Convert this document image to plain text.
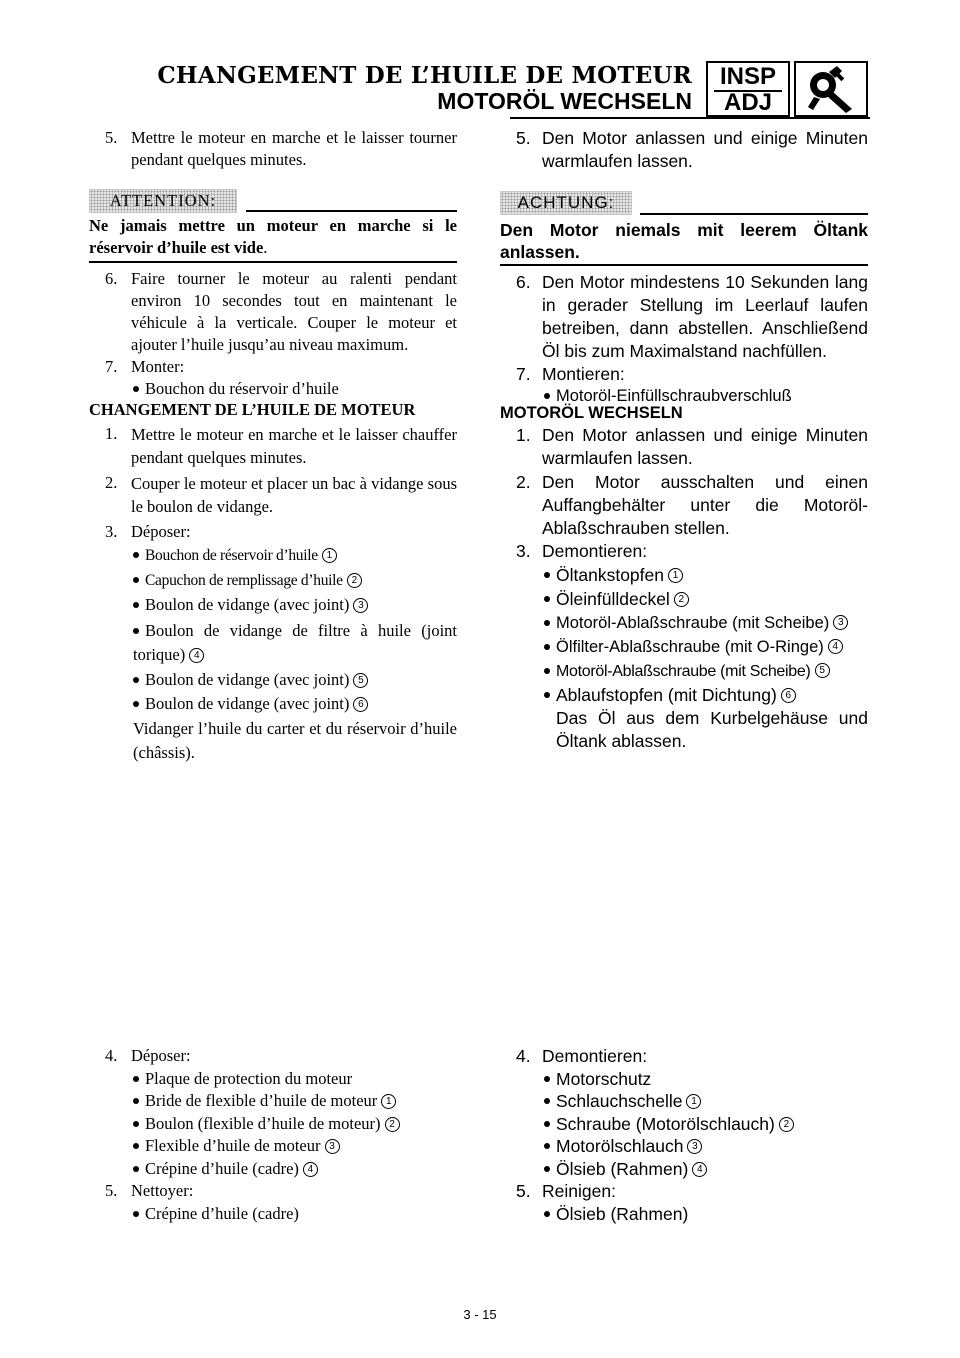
CHANGEMENT DE L’HUILE DE MOTEUR
MOTORÖL WECHSELN
INSP
ADJ
5. Mettre le moteur en marche et le laisser tourner pendant quelques minutes.
ATTENTION:
Ne jamais mettre un moteur en marche si le réservoir d’huile est vide.
6. Faire tourner le moteur au ralenti pendant environ 10 secondes tout en maintenant le véhicule à la verticale. Couper le moteur et ajouter l’huile jusqu’au niveau maximum.
7. Monter:
Bouchon du réservoir d’huile
CHANGEMENT DE L’HUILE DE MOTEUR
1. Mettre le moteur en marche et le laisser chauffer pendant quelques minutes.
2. Couper le moteur et placer un bac à vidange sous le boulon de vidange.
3. Déposer:
Bouchon de réservoir d’huile 1
Capuchon de remplissage d’huile 2
Boulon de vidange (avec joint) 3
Boulon de vidange de filtre à huile (joint torique) 4
Boulon de vidange (avec joint) 5
Boulon de vidange (avec joint) 6
Vidanger l’huile du carter et du réservoir d’huile (châssis).
4. Déposer:
Plaque de protection du moteur
Bride de flexible d’huile de moteur 1
Boulon (flexible d’huile de moteur) 2
Flexible d’huile de moteur 3
Crépine d’huile (cadre) 4
5. Nettoyer:
Crépine d’huile (cadre)
5. Den Motor anlassen und einige Minuten warmlaufen lassen.
ACHTUNG:
Den Motor niemals mit leerem Öltank anlassen.
6. Den Motor mindestens 10 Sekunden lang in gerader Stellung im Leerlauf laufen betreiben, dann abstellen. Anschließend Öl bis zum Maximalstand nachfüllen.
7. Montieren:
Motoröl-Einfüllschraubverschluß
MOTORÖL WECHSELN
1. Den Motor anlassen und einige Minuten warmlaufen lassen.
2. Den Motor ausschalten und einen Auffangbehälter unter die Motoröl-Ablaßschrauben stellen.
3. Demontieren:
Öltankstopfen 1
Öleinfülldeckel 2
Motoröl-Ablaßschraube (mit Scheibe) 3
Ölfilter-Ablaßschraube (mit O-Ringe) 4
Motoröl-Ablaßschraube (mit Scheibe) 5
Ablaufstopfen (mit Dichtung) 6
Das Öl aus dem Kurbelgehäuse und Öltank ablassen.
4. Demontieren:
Motorschutz
Schlauchschelle 1
Schraube (Motorölschlauch) 2
Motorölschlauch 3
Ölsieb (Rahmen) 4
5. Reinigen:
Ölsieb (Rahmen)
3 - 15
